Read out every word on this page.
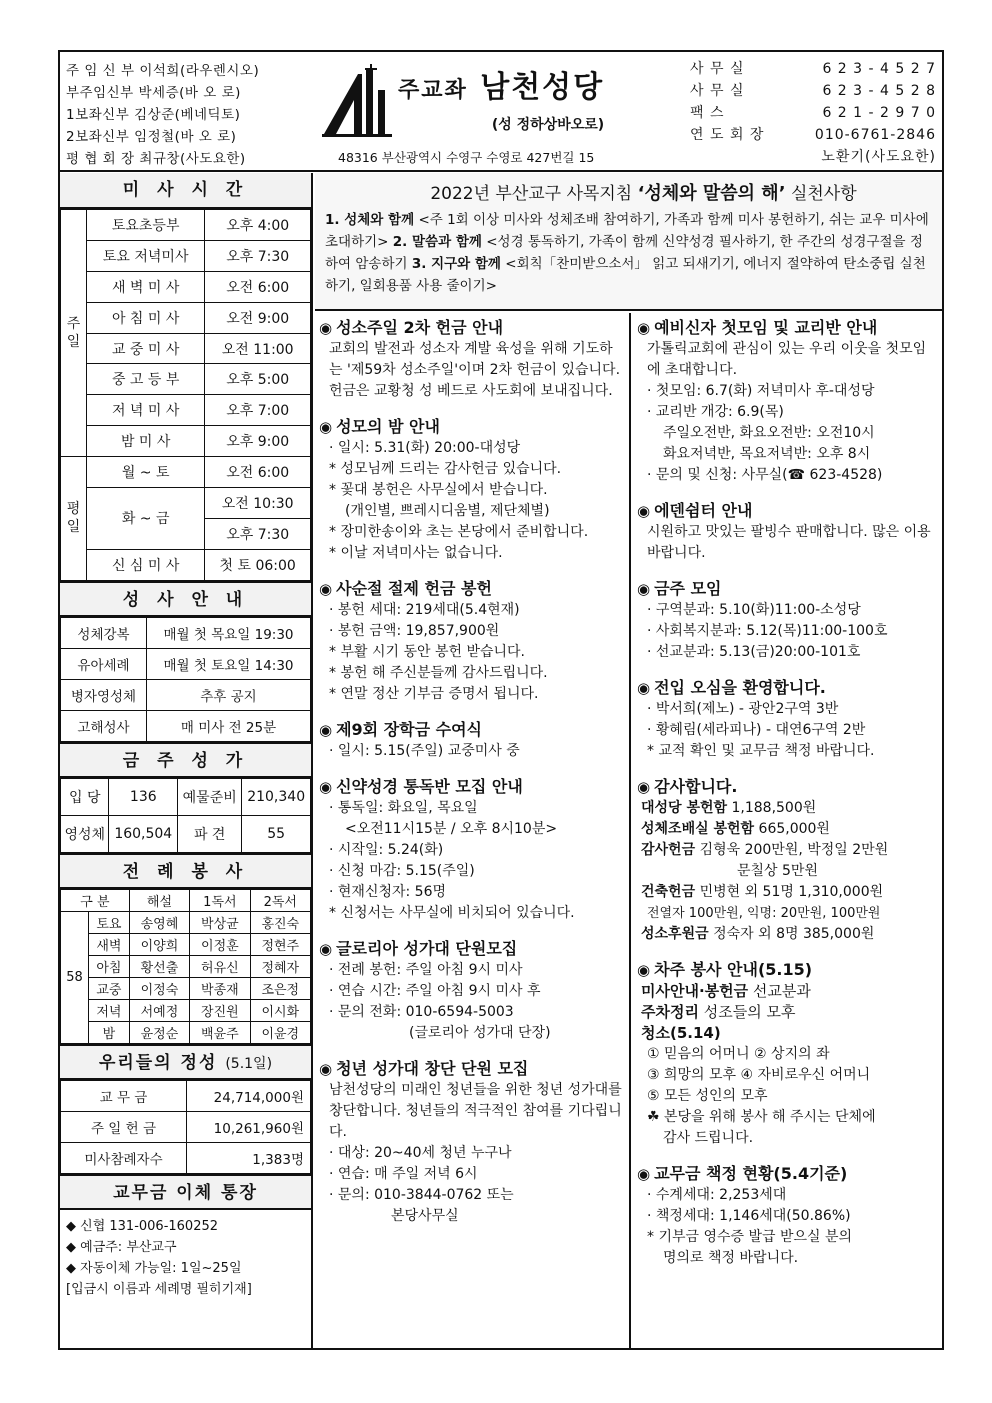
주 임 신 부 이석희(라우렌시오)
부주임신부 박세증(바 오 로)
1보좌신부 김상준(베네딕토)
2보좌신부 임정철(바 오 로)
평 협 회 장 최규창(사도요한)
주교좌 남천성당
(성 정하상바오로)
48316 부산광역시 수영구 수영로 427번길 15
사 무 실	6 2 3 - 4 5 2 7
사 무 실	6 2 3 - 4 5 2 8
팩 스	6 2 1 - 2 9 7 0
연 도 회 장	010-6761-2846
노환기(사도요한)
미 사 시 간
주
일	토요초등부	오후 4:00
	토요 저녁미사	오후 7:30
	새 벽 미 사	오전 6:00
	아 침 미 사	오전 9:00
	교 중 미 사	오전 11:00
	중 고 등 부	오후 5:00
	저 녁 미 사	오후 7:00
	밤 미 사	오후 9:00
평
일	월 ~ 토	오전 6:00
	화 ~ 금	오전 10:30
		오후 7:30
	신 심 미 사	첫 토 06:00
성 사 안 내
성체강복	매월 첫 목요일 19:30
유아세례	매월 첫 토요일 14:30
병자영성체	추후 공지
고해성사	매 미사 전 25분
금 주 성 가
입 당	136	예물준비	210,340
영성체	160,504	파 견	55
전 례 봉 사
구 분		해설	1독서	2독서
58	토요	송영혜	박상균	홍진숙
	새벽	이양희	이정훈	정현주
	아침	황선출	허유신	정혜자
	교중	이정숙	박종재	조은정
	저녁	서예정	장진원	이시화
	밤	윤정순	백윤주	이윤경
우리들의 정성 (5.1일)
교 무 금	24,714,000원
주 일 헌 금	10,261,960원
미사참례자수	1,383명
교무금 이체 통장
◆ 신협 131-006-160252
◆ 예금주: 부산교구
◆ 자동이체 가능일: 1일~25일
[입금시 이름과 세례명 필히기재]
2022년 부산교구 사목지침 ‘성체와 말씀의 해’ 실천사항
1. 성체와 함께 <주 1회 이상 미사와 성체조배 참여하기, 가족과 함께 미사 봉헌하기, 쉬는 교우 미사에 초대하기> 2. 말씀과 함께 <성경 통독하기, 가족이 함께 신약성경 필사하기, 한 주간의 성경구절을 정하여 암송하기 3. 지구와 함께 <회칙「찬미받으소서」 읽고 되새기기, 에너지 절약하여 탄소중립 실천하기, 일회용품 사용 줄이기>
◉ 성소주일 2차 헌금 안내
교회의 발전과 성소자 계발 육성을 위해 기도하는 '제59차 성소주일'이며 2차 헌금이 있습니다. 헌금은 교황청 성 베드로 사도회에 보내집니다.
◉ 성모의 밤 안내
· 일시: 5.31(화) 20:00-대성당
* 성모님께 드리는 감사헌금 있습니다.
* 꽃대 봉헌은 사무실에서 받습니다.
(개인별, 쁘레시디움별, 제단체별)
* 장미한송이와 초는 본당에서 준비합니다.
* 이날 저녁미사는 없습니다.
◉ 사순절 절제 헌금 봉헌
· 봉헌 세대: 219세대(5.4현재)
· 봉헌 금액: 19,857,900원
* 부활 시기 동안 봉헌 받습니다.
* 봉헌 해 주신분들께 감사드립니다.
* 연말 정산 기부금 증명서 됩니다.
◉ 제9회 장학금 수여식
· 일시: 5.15(주일) 교중미사 중
◉ 신약성경 통독반 모집 안내
· 통독일: 화요일, 목요일
<오전11시15분 / 오후 8시10분>
· 시작일: 5.24(화)
· 신청 마감: 5.15(주일)
· 현재신청자: 56명
* 신청서는 사무실에 비치되어 있습니다.
◉ 글로리아 성가대 단원모집
· 전례 봉헌: 주일 아침 9시 미사
· 연습 시간: 주일 아침 9시 미사 후
· 문의 전화: 010-6594-5003
(글로리아 성가대 단장)
◉ 청년 성가대 창단 단원 모집
남천성당의 미래인 청년들을 위한 청년 성가대를 창단합니다. 청년들의 적극적인 참여를 기다립니다.
· 대상: 20~40세 청년 누구나
· 연습: 매 주일 저녁 6시
· 문의: 010-3844-0762 또는
본당사무실
◉ 예비신자 첫모임 및 교리반 안내
가톨릭교회에 관심이 있는 우리 이웃을 첫모임에 초대합니다.
· 첫모임: 6.7(화) 저녁미사 후-대성당
· 교리반 개강: 6.9(목)
주일오전반, 화요오전반: 오전10시
화요저녁반, 목요저녁반: 오후 8시
· 문의 및 신청: 사무실(☎ 623-4528)
◉ 에덴쉼터 안내
시원하고 맛있는 팔빙수 판매합니다. 많은 이용 바랍니다.
◉ 금주 모임
· 구역분과: 5.10(화)11:00-소성당
· 사회복지분과: 5.12(목)11:00-100호
· 선교분과: 5.13(금)20:00-101호
◉ 전입 오심을 환영합니다.
· 박서희(제노) - 광안2구역 3반
· 황혜림(세라피나) - 대연6구역 2반
* 교적 확인 및 교무금 책정 바랍니다.
◉ 감사합니다.
대성당 봉헌함 1,188,500원
성체조배실 봉헌함 665,000원
감사헌금 김형욱 200만원, 박정일 2만원
문칠상 5만원
건축헌금 민병현 외 51명 1,310,000원
전열자 100만원, 익명: 20만원, 100만원
성소후원금 정숙자 외 8명 385,000원
◉ 차주 봉사 안내(5.15)
미사안내·봉헌금 선교분과
주차정리 성조들의 모후
청소(5.14)
① 믿음의 어머니 ② 상지의 좌
③ 희망의 모후 ④ 자비로우신 어머니
⑤ 모든 성인의 모후
☘ 본당을 위해 봉사 해 주시는 단체에
감사 드립니다.
◉ 교무금 책정 현황(5.4기준)
· 수계세대: 2,253세대
· 책정세대: 1,146세대(50.86%)
* 기부금 영수증 발급 받으실 분의
명의로 책정 바랍니다.
